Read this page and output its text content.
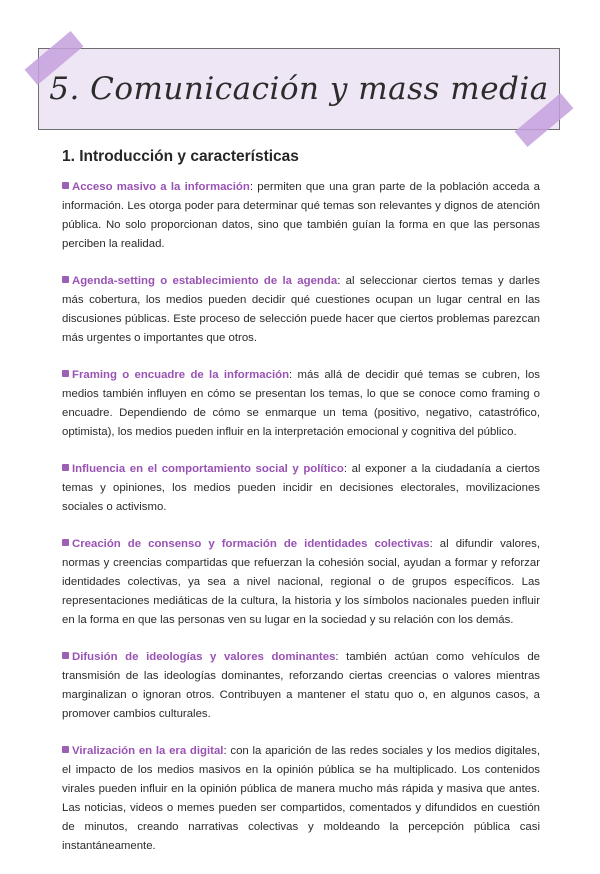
5. Comunicación y mass media
1. Introducción y características

Acceso masivo a la información: permiten que una gran parte de la población acceda a información. Les otorga poder para determinar qué temas son relevantes y dignos de atención pública. No solo proporcionan datos, sino que también guían la forma en que las personas perciben la realidad.

Agenda-setting o establecimiento de la agenda: al seleccionar ciertos temas y darles más cobertura, los medios pueden decidir qué cuestiones ocupan un lugar central en las discusiones públicas. Este proceso de selección puede hacer que ciertos problemas parezcan más urgentes o importantes que otros.

Framing o encuadre de la información: más allá de decidir qué temas se cubren, los medios también influyen en cómo se presentan los temas, lo que se conoce como framing o encuadre. Dependiendo de cómo se enmarque un tema (positivo, negativo, catastrófico, optimista), los medios pueden influir en la interpretación emocional y cognitiva del público.

Influencia en el comportamiento social y político: al exponer a la ciudadanía a ciertos temas y opiniones, los medios pueden incidir en decisiones electorales, movilizaciones sociales o activismo.

Creación de consenso y formación de identidades colectivas: al difundir valores, normas y creencias compartidas que refuerzan la cohesión social, ayudan a formar y reforzar identidades colectivas, ya sea a nivel nacional, regional o de grupos específicos. Las representaciones mediáticas de la cultura, la historia y los símbolos nacionales pueden influir en la forma en que las personas ven su lugar en la sociedad y su relación con los demás.

Difusión de ideologías y valores dominantes: también actúan como vehículos de transmisión de las ideologías dominantes, reforzando ciertas creencias o valores mientras marginalizan o ignoran otros. Contribuyen a mantener el statu quo o, en algunos casos, a promover cambios culturales.

Viralización en la era digital: con la aparición de las redes sociales y los medios digitales, el impacto de los medios masivos en la opinión pública se ha multiplicado. Los contenidos virales pueden influir en la opinión pública de manera mucho más rápida y masiva que antes. Las noticias, videos o memes pueden ser compartidos, comentados y difundidos en cuestión de minutos, creando narrativas colectivas y moldeando la percepción pública casi instantáneamente.
